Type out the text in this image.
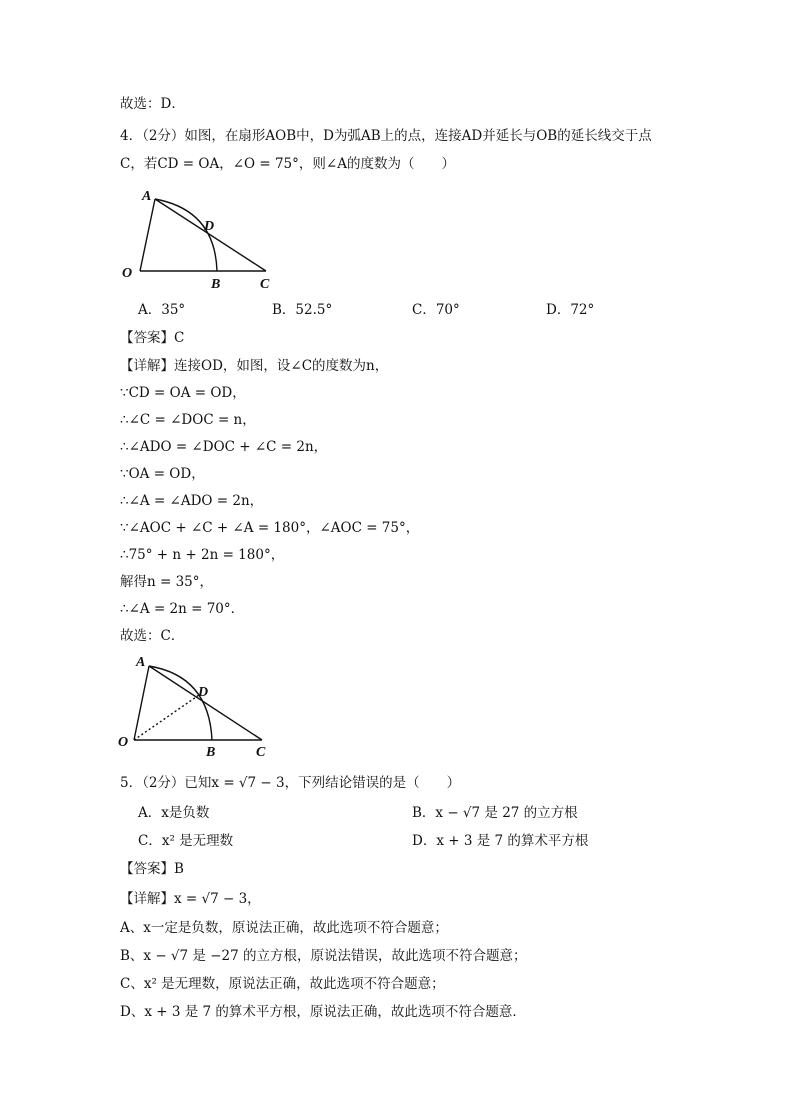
故选：D．
4．（2分）如图，在扇形AOB中，D为弧AB上的点，连接AD并延长与OB的延长线交于点
C，若CD = OA，∠O = 75°，则∠A的度数为（　　）
A
D
O
B	C
A．35°	B．52.5°	C．70°	D．72°
【答案】C
【详解】连接OD，如图，设∠C的度数为n，
∵CD = OA = OD，
∴∠C = ∠DOC = n，
∴∠ADO = ∠DOC + ∠C = 2n，
∵OA = OD，
∴∠A = ∠ADO = 2n，
∵∠AOC + ∠C + ∠A = 180°，∠AOC = 75°，
∴75° + n + 2n = 180°，
解得n = 35°，
∴∠A = 2n = 70°．
故选：C．
A
D
O
B	C
5．（2分）已知x = √7 − 3，下列结论错误的是（　　）
A．x是负数	B．x − √7 是 27 的立方根
C．x² 是无理数	D．x + 3 是 7 的算术平方根
【答案】B
【详解】x = √7 − 3，
A、x一定是负数，原说法正确，故此选项不符合题意；
B、x − √7 是 −27 的立方根，原说法错误，故此选项不符合题意；
C、x² 是无理数，原说法正确，故此选项不符合题意；
D、x + 3 是 7 的算术平方根，原说法正确，故此选项不符合题意．
